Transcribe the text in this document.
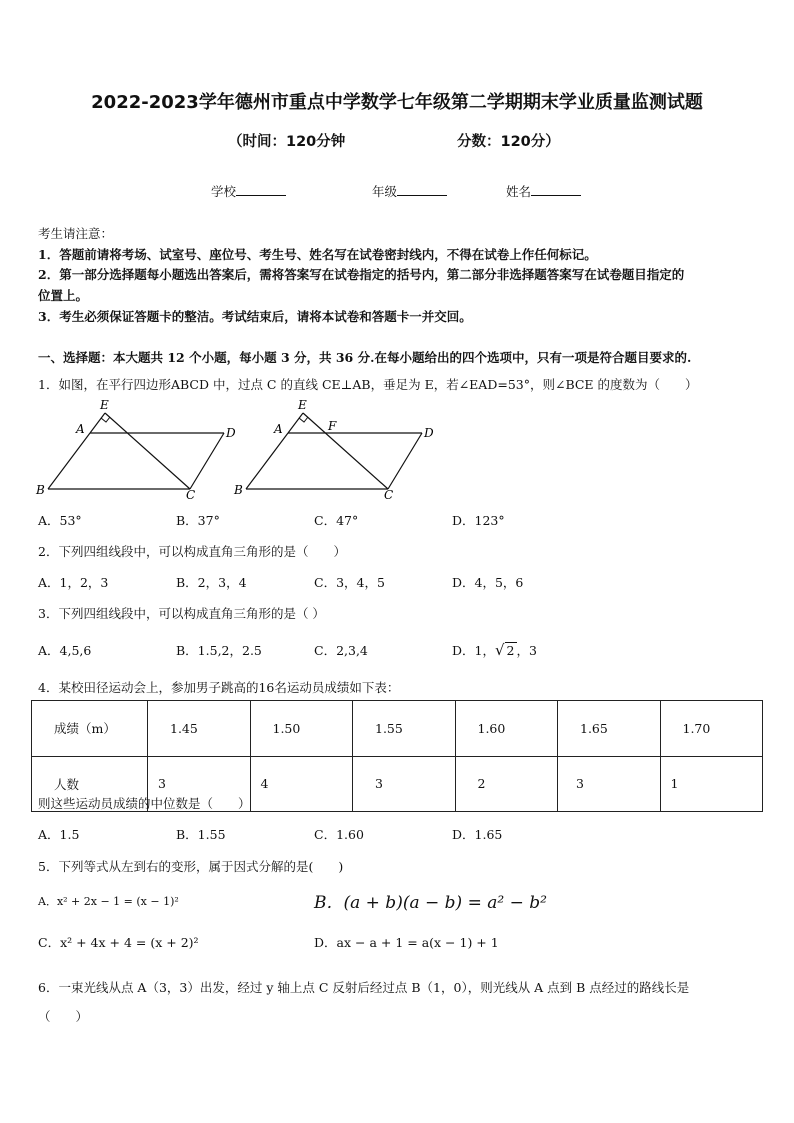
2022-2023学年德州市重点中学数学七年级第二学期期末学业质量监测试题
（时间：120分钟	分数：120分）
学校	年级	姓名
考生请注意：
1．答题前请将考场、试室号、座位号、考生号、姓名写在试卷密封线内，不得在试卷上作任何标记。
2．第一部分选择题每小题选出答案后，需将答案写在试卷指定的括号内，第二部分非选择题答案写在试卷题目指定的
位置上。
3．考生必须保证答题卡的整洁。考试结束后，请将本试卷和答题卡一并交回。
一、选择题：本大题共 12 个小题，每小题 3 分，共 36 分.在每小题给出的四个选项中，只有一项是符合题目要求的.
1．如图，在平行四边形ABCD 中，过点 C 的直线 CE⊥AB，垂足为 E，若∠EAD=53°，则∠BCE 的度数为（　　）
E
A	D
B	C
E
A	F	D
B	C
A．53°	B．37°	C．47°	D．123°
2．下列四组线段中，可以构成直角三角形的是（　　）
A．1，2，3	B．2，3，4	C．3，4，5	D．4，5，6
3．下列四组线段中，可以构成直角三角形的是（ ）
A．4,5,6	B．1.5,2，2.5	C．2,3,4	D．1，√ 2 ，3
4．某校田径运动会上，参加男子跳高的16名运动员成绩如下表：
成绩（m）	1.45	1.50	1.55	1.60	1.65	1.70
人数	3	4	3	2	3	1
则这些运动员成绩的中位数是（　　）
A．1.5	B．1.55	C．1.60	D．1.65
5．下列等式从左到右的变形，属于因式分解的是(　　)
A．x² + 2x − 1 = (x − 1)²	B．(a + b)(a − b) = a² − b²
C．x² + 4x + 4 = (x + 2)²	D．ax − a + 1 = a(x − 1) + 1
6．一束光线从点 A（3，3）出发，经过 y 轴上点 C 反射后经过点 B（1，0），则光线从 A 点到 B 点经过的路线长是
（　　）
